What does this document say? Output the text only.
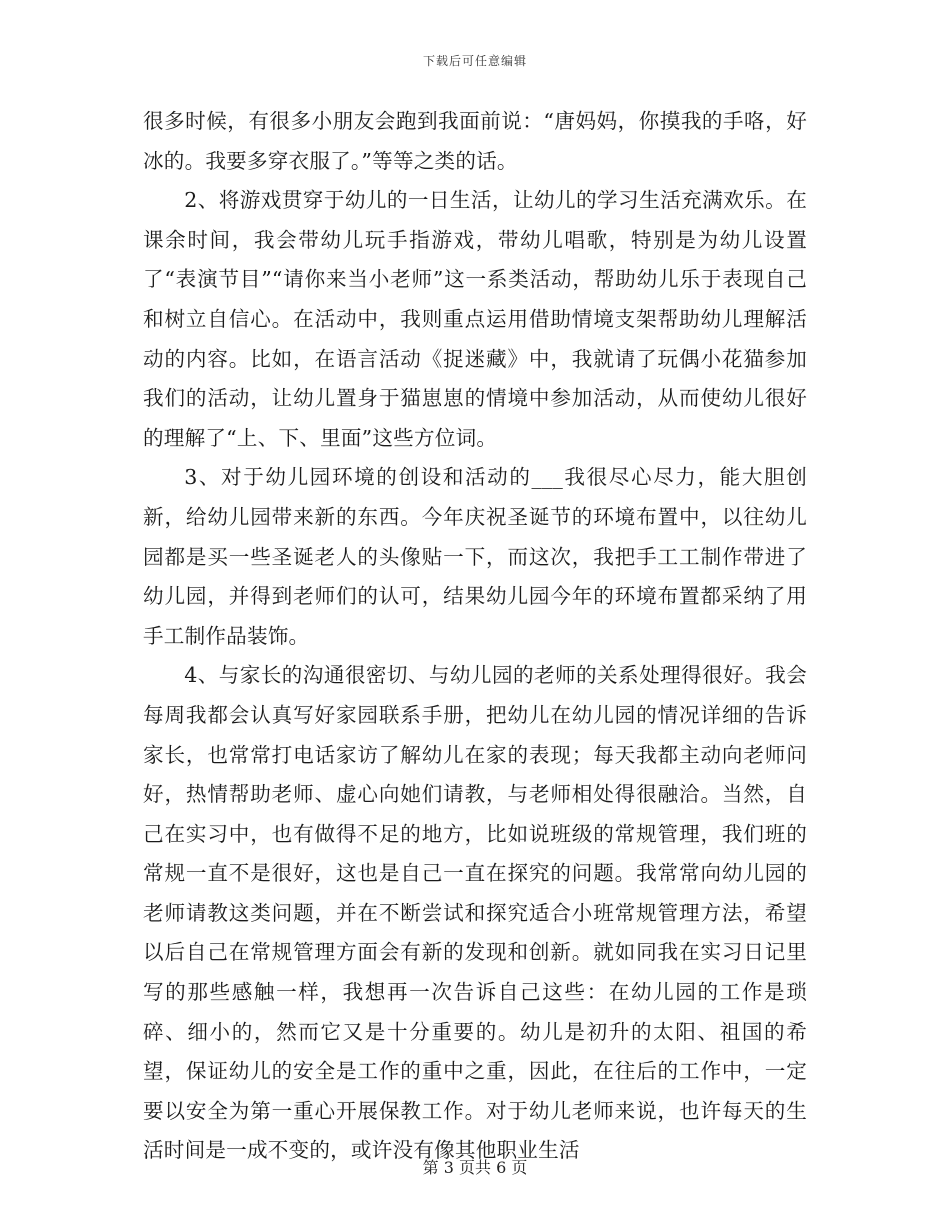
下载后可任意编辑

很多时候，有很多小朋友会跑到我面前说：“唐妈妈，你摸我的手咯，好冰的。我要多穿衣服了。”等等之类的话。

2、将游戏贯穿于幼儿的一日生活，让幼儿的学习生活充满欢乐。在课余时间，我会带幼儿玩手指游戏，带幼儿唱歌，特别是为幼儿设置了“表演节目”“请你来当小老师”这一系类活动，帮助幼儿乐于表现自己和树立自信心。在活动中，我则重点运用借助情境支架帮助幼儿理解活动的内容。比如，在语言活动《捉迷藏》中，我就请了玩偶小花猫参加我们的活动，让幼儿置身于猫崽崽的情境中参加活动，从而使幼儿很好的理解了“上、下、里面”这些方位词。

3、对于幼儿园环境的创设和活动的___我很尽心尽力，能大胆创新，给幼儿园带来新的东西。今年庆祝圣诞节的环境布置中，以往幼儿园都是买一些圣诞老人的头像贴一下，而这次，我把手工工制作带进了幼儿园，并得到老师们的认可，结果幼儿园今年的环境布置都采纳了用手工制作品装饰。

4、与家长的沟通很密切、与幼儿园的老师的关系处理得很好。我会每周我都会认真写好家园联系手册，把幼儿在幼儿园的情况详细的告诉家长，也常常打电话家访了解幼儿在家的表现；每天我都主动向老师问好，热情帮助老师、虚心向她们请教，与老师相处得很融洽。当然，自己在实习中，也有做得不足的地方，比如说班级的常规管理，我们班的常规一直不是很好，这也是自己一直在探究的问题。我常常向幼儿园的老师请教这类问题，并在不断尝试和探究适合小班常规管理方法，希望以后自己在常规管理方面会有新的发现和创新。就如同我在实习日记里写的那些感触一样，我想再一次告诉自己这些：在幼儿园的工作是琐碎、细小的，然而它又是十分重要的。幼儿是初升的太阳、祖国的希望，保证幼儿的安全是工作的重中之重，因此，在往后的工作中，一定要以安全为第一重心开展保教工作。对于幼儿老师来说，也许每天的生活时间是一成不变的，或许没有像其他职业生活

第 3 页共 6 页
